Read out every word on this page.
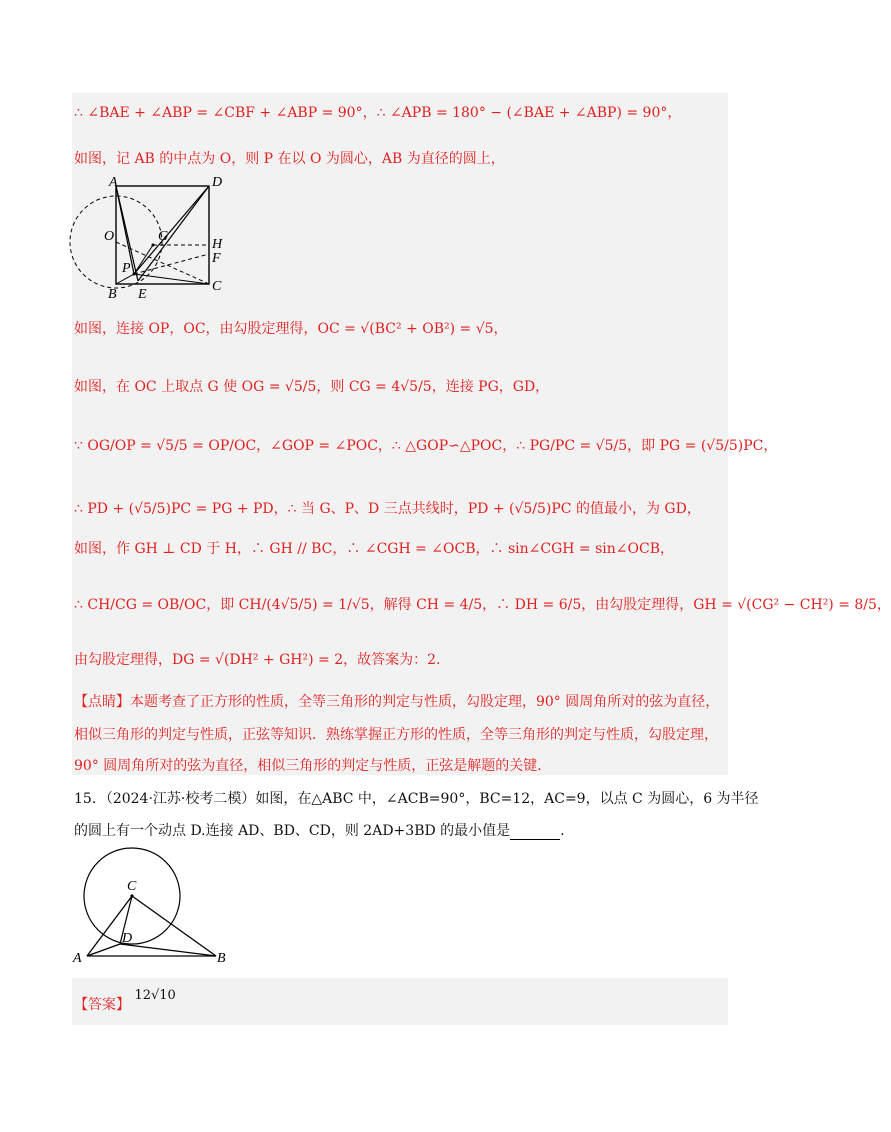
∴ ∠BAE + ∠ABP = ∠CBF + ∠ABP = 90°，∴ ∠APB = 180° − (∠BAE + ∠ABP) = 90°，
如图，记 AB 的中点为 O，则 P 在以 O 为圆心，AB 为直径的圆上，
A	D
O	G
H
F
P
B E
C
如图，连接 OP，OC，由勾股定理得，OC = √(BC² + OB²) = √5，
如图，在 OC 上取点 G 使 OG = √5/5，则 CG = 4√5/5，连接 PG，GD，
∵ OG/OP = √5/5 = OP/OC，∠GOP = ∠POC，∴ △GOP∽△POC，∴ PG/PC = √5/5，即 PG = (√5/5)PC，
∴ PD + (√5/5)PC = PG + PD，∴ 当 G、P、D 三点共线时，PD + (√5/5)PC 的值最小，为 GD，
如图，作 GH ⊥ CD 于 H，∴ GH // BC，∴ ∠CGH = ∠OCB，∴ sin∠CGH = sin∠OCB，
∴ CH/CG = OB/OC，即 CH/(4√5/5) = 1/√5，解得 CH = 4/5，∴ DH = 6/5，由勾股定理得，GH = √(CG² − CH²) = 8/5，
由勾股定理得，DG = √(DH² + GH²) = 2，故答案为：2.
【点睛】本题考查了正方形的性质，全等三角形的判定与性质，勾股定理，90° 圆周角所对的弦为直径，
相似三角形的判定与性质，正弦等知识．熟练掌握正方形的性质，全等三角形的判定与性质，勾股定理，
90° 圆周角所对的弦为直径，相似三角形的判定与性质，正弦是解题的关键．
15．（2024·江苏·校考二模）如图，在△ABC 中，∠ACB=90°，BC=12，AC=9，以点 C 为圆心，6 为半径
的圆上有一个动点 D.连接 AD、BD、CD，则 2AD+3BD 的最小值是	.
C
D
A	B
【答案】 12√10
